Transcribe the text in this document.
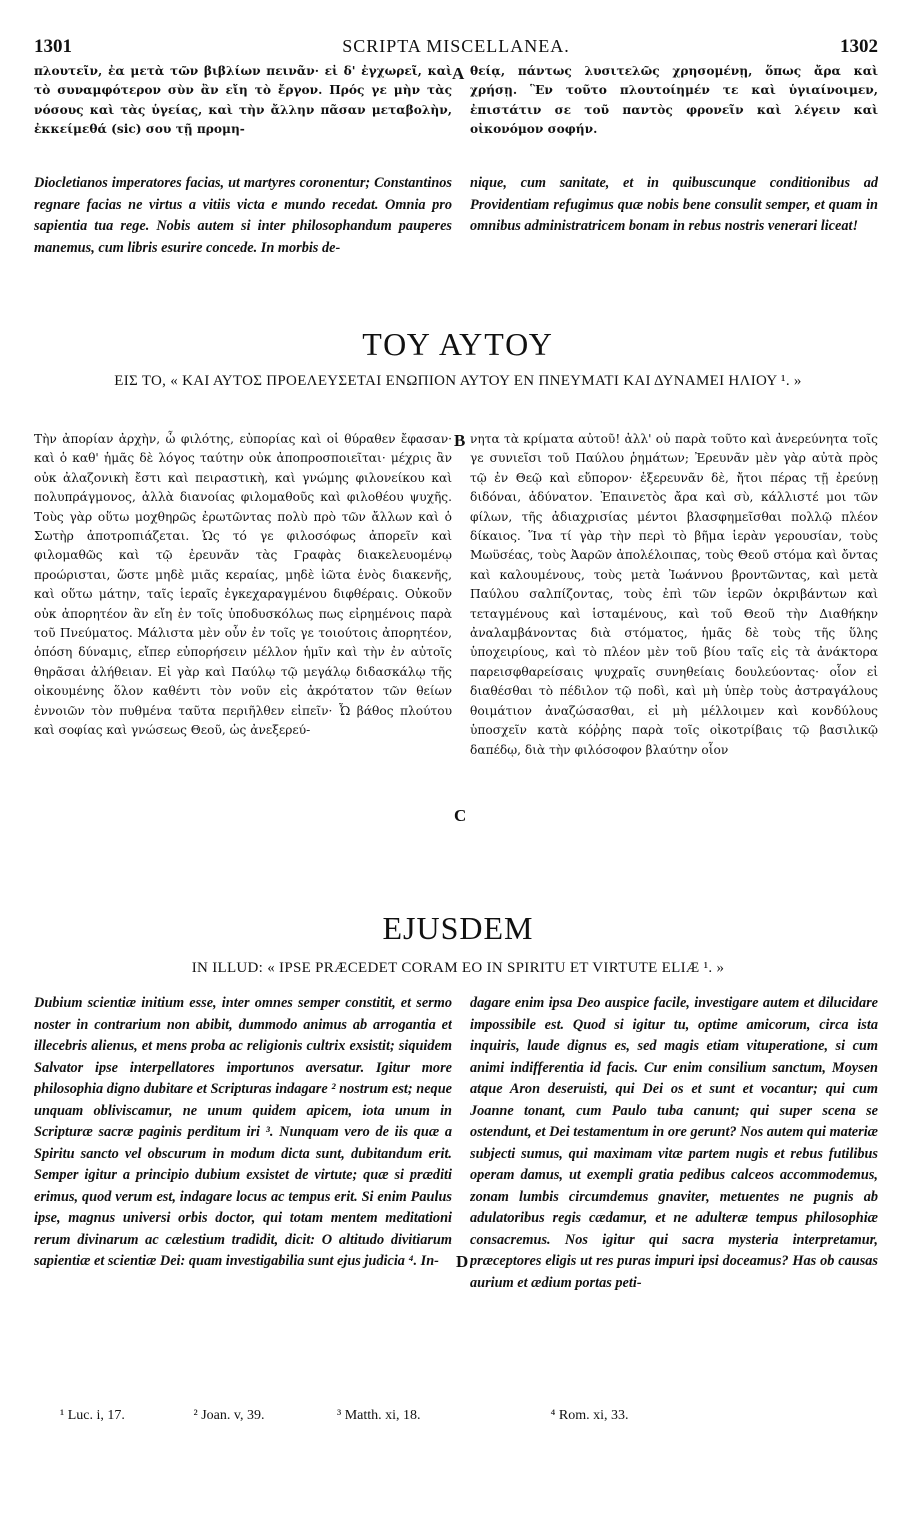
1301	SCRIPTA MISCELLANEA.	1302
πλουτεῖν, ἐα μετὰ τῶν βιβλίων πεινᾶν· εἰ δ' ἐγχωρεῖ, καὶ τὸ συναμφότερον σὺν ἂν εἴη τὸ ἔργον. Πρός γε μὴν τὰς νόσους καὶ τὰς ὑγείας, καὶ τὴν ἄλλην πᾶσαν μεταβολὴν, ἐκκείμεθά (sic) σου τῇ προμη-
A θείᾳ, πάντως λυσιτελῶς χρησομένῃ, ὅπως ἄρα καὶ χρήσῃ. Ἓν τοῦτο πλουτοίημέν τε καὶ ὑγιαίνοιμεν, ἐπιστάτιν σε τοῦ παντὸς φρονεῖν καὶ λέγειν καὶ οἰκονόμον σοφήν.
Diocletianos imperatores facias, ut martyres coronentur; Constantinos regnare facias ne virtus a vitiis victa e mundo recedat. Omnia pro sapientia tua rege. Nobis autem si inter philosophandum pauperes manemus, cum libris esurire concede. In morbis de-
nique, cum sanitate, et in quibuscunque conditionibus ad Providentiam refugimus quæ nobis bene consulit semper, et quam in omnibus administratricem bonam in rebus nostris venerari liceat!
ΤΟΥ ΑΥΤΟΥ
ΕΙΣ ΤΟ, « ΚΑΙ ΑΥΤΟΣ ΠΡΟΕΛΕΥΣΕΤΑΙ ΕΝΩΠΙΟΝ ΑΥΤΟΥ ΕΝ ΠΝΕΥΜΑΤΙ ΚΑΙ ΔΥΝΑΜΕΙ ΗΛΙΟΥ ¹. »
Τὴν ἀπορίαν ἀρχὴν, ὦ φιλότης, εὐπορίας καὶ οἱ θύραθεν ἔφασαν· καὶ ὁ καθ' ἡμᾶς δὲ λόγος ταύτην οὐκ ἀποπροσποιεῖται· μέχρις ἂν οὐκ ἀλαζονικὴ ἔστι καὶ πειραστικὴ, καὶ γνώμης φιλονείκου καὶ πολυπράγμονος, ἀλλὰ διανοίας φιλομαθοῦς καὶ φιλοθέου ψυχῆς. Τοὺς γὰρ οὕτω μοχθηρῶς ἐρωτῶντας πολὺ πρὸ τῶν ἄλλων καὶ ὁ Σωτὴρ ἀποτροπιάζεται. Ὡς τό γε φιλοσόφως ἀπορεῖν καὶ φιλομαθῶς καὶ τῷ ἐρευνᾶν τὰς Γραφὰς διακελευομένῳ προώρισται, ὥστε μηδὲ μιᾶς κεραίας, μηδὲ ἰῶτα ἑνὸς διακενῆς, καὶ οὕτω μάτην, ταῖς ἱεραῖς ἐγκεχαραγμένου διφθέραις. Οὐκοῦν οὐκ ἀπορητέον ἂν εἴη ἐν τοῖς ὑποδυσκόλως πως εἰρημένοις παρὰ τοῦ Πνεύματος. Μάλιστα μὲν οὖν ἐν τοῖς γε τοιούτοις ἀπορητέον, ὁπόση δύναμις, εἴπερ εὐπορήσειν μέλλον ἡμῖν καὶ τὴν ἐν αὐτοῖς θηρᾶσαι ἀλήθειαν. Εἰ γὰρ καὶ Παύλῳ τῷ μεγάλῳ διδασκάλῳ τῆς οἰκουμένης ὅλον καθέντι τὸν νοῦν εἰς ἀκρότατον τῶν θείων ἐννοιῶν τὸν πυθμένα ταῦτα περιῆλθεν εἰπεῖν· Ὦ βάθος πλούτου καὶ σοφίας καὶ γνώσεως Θεοῦ, ὡς ἀνεξερεύ-
B νητα τὰ κρίματα αὐτοῦ! ἀλλ' οὐ παρὰ τοῦτο καὶ ἀνερεύνητα τοῖς γε συνιεῖσι τοῦ Παύλου ῥημάτων; Ἐρευνᾶν μὲν γὰρ αὐτὰ πρὸς τῷ ἐν Θεῷ καὶ εὔπορον· ἐξερευνᾶν δὲ, ἤτοι πέρας τῇ ἐρεύνῃ διδόναι, ἀδύνατον. Ἐπαινετὸς ἄρα καὶ σὺ, κάλλιστέ μοι τῶν φίλων, τῆς ἀδιαχρισίας μέντοι βλασφημεῖσθαι πολλῷ πλέον δίκαιος. Ἵνα τί γὰρ τὴν περὶ τὸ βῆμα ἱερὰν γερουσίαν, τοὺς Μωϋσέας, τοὺς Ἀαρῶν ἀπολέλοιπας, τοὺς Θεοῦ στόμα καὶ ὄντας καὶ καλουμένους, τοὺς μετὰ Ἰωάννου βροντῶντας, καὶ μετὰ Παύλου σαλπίζοντας, τοὺς ἐπὶ τῶν ἱερῶν ὀκριβάντων καὶ τεταγμένους καὶ ἱσταμένους, καὶ τοῦ Θεοῦ τὴν Διαθήκην ἀναλαμβάνοντας διὰ στόματος, ἡμᾶς δὲ τοὺς τῆς ὕλης ὑποχειρίους, καὶ τὸ πλέον μὲν τοῦ βίου ταῖς εἰς τὰ ἀνάκτορα παρεισφθαρείσαις ψυχραῖς συνηθείαις δουλεύοντας· οἷον εἰ διαθέσθαι τὸ πέδιλον τῷ ποδὶ, καὶ μὴ ὑπὲρ τοὺς ἀστραγάλους θοιμάτιον ἀναζώσασθαι, εἰ μὴ μέλλοιμεν καὶ κονδύλους ὑποσχεῖν κατὰ κόῤῥης παρὰ τοῖς οἰκοτρίβαις τῷ βασιλικῷ δαπέδῳ, διὰ τὴν φιλόσοφον βλαύτην οἷον
C
EJUSDEM
IN ILLUD: « IPSE PRÆCEDET CORAM EO IN SPIRITU ET VIRTUTE ELIÆ ¹. »
Dubium scientiæ initium esse, inter omnes semper constitit, et sermo noster in contrarium non abibit, dummodo animus ab arrogantia et illecebris alienus, et mens proba ac religionis cultrix exsistit; siquidem Salvator ipse interpellatores importunos aversatur. Igitur more philosophia digno dubitare et Scripturas indagare ² nostrum est; neque unquam obliviscamur, ne unum quidem apicem, iota unum in Scripturæ sacræ paginis perditum iri ³. Nunquam vero de iis quæ a Spiritu sancto vel obscurum in modum dicta sunt, dubitandum erit. Semper igitur a principio dubium exsistet de virtute; quæ si præditi erimus, quod verum est, indagare locus ac tempus erit. Si enim Paulus ipse, magnus universi orbis doctor, qui totam mentem meditationi rerum divinarum ac cælestium tradidit, dicit: O altitudo divitiarum sapientiæ et scientiæ Dei: quam investigabilia sunt ejus judicia ⁴. In-	D
dagare enim ipsa Deo auspice facile, investigare autem et dilucidare impossibile est. Quod si igitur tu, optime amicorum, circa ista inquiris, laude dignus es, sed magis etiam vituperatione, si cum animi indifferentia id facis. Cur enim consilium sanctum, Moysen atque Aron deseruisti, qui Dei os et sunt et vocantur; qui cum Joanne tonant, cum Paulo tuba canunt; qui super scena se ostendunt, et Dei testamentum in ore gerunt? Nos autem qui materiæ subjecti sumus, qui maximam vitæ partem nugis et rebus futilibus operam damus, ut exempli gratia pedibus calceos accommodemus, zonam lumbis circumdemus gnaviter, metuentes ne pugnis ab adulatoribus regis cædamur, et ne adulteræ tempus philosophiæ consacremus. Nos igitur qui sacra mysteria interpretamur, præceptores eligis ut res puras impuri ipsi doceamus? Has ob causas aurium et ædium portas peti-
¹ Luc. i, 17.	² Joan. v, 39.	³ Matth. xi, 18.	⁴ Rom. xi, 33.
